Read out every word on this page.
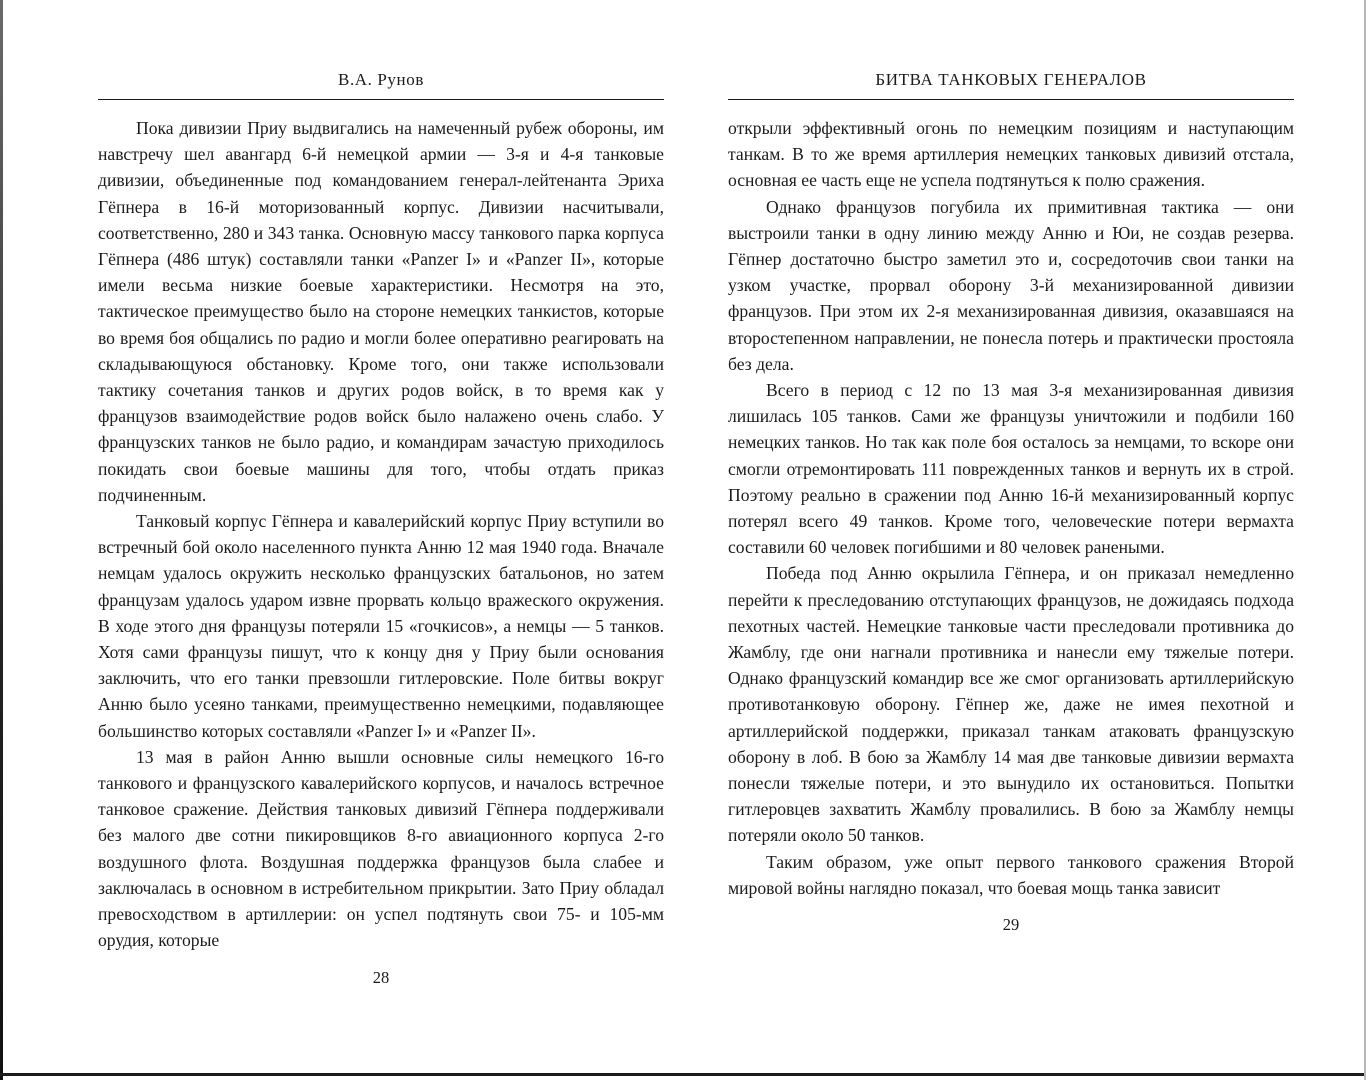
В.А. Рунов

Пока дивизии Приу выдвигались на намеченный рубеж обороны, им навстречу шел авангард 6-й немецкой армии — 3-я и 4-я танковые дивизии, объединенные под командованием генерал-лейтенанта Эриха Гёпнера в 16-й моторизованный корпус. Дивизии насчитывали, соответственно, 280 и 343 танка. Основную массу танкового парка корпуса Гёпнера (486 штук) составляли танки «Panzer I» и «Panzer II», которые имели весьма низкие боевые характеристики. Несмотря на это, тактическое преимущество было на стороне немецких танкистов, которые во время боя общались по радио и могли более оперативно реагировать на складывающуюся обстановку. Кроме того, они также использовали тактику сочетания танков и других родов войск, в то время как у французов взаимодействие родов войск было налажено очень слабо. У французских танков не было радио, и командирам зачастую приходилось покидать свои боевые машины для того, чтобы отдать приказ подчиненным.

Танковый корпус Гёпнера и кавалерийский корпус Приу вступили во встречный бой около населенного пункта Анню 12 мая 1940 года. Вначале немцам удалось окружить несколько французских батальонов, но затем французам удалось ударом извне прорвать кольцо вражеского окружения. В ходе этого дня французы потеряли 15 «гочкисов», а немцы — 5 танков. Хотя сами французы пишут, что к концу дня у Приу были основания заключить, что его танки превзошли гитлеровские. Поле битвы вокруг Анню было усеяно танками, преимущественно немецкими, подавляющее большинство которых составляли «Panzer I» и «Panzer II».

13 мая в район Анню вышли основные силы немецкого 16-го танкового и французского кавалерийского корпусов, и началось встречное танковое сражение. Действия танковых дивизий Гёпнера поддерживали без малого две сотни пикировщиков 8-го авиационного корпуса 2-го воздушного флота. Воздушная поддержка французов была слабее и заключалась в основном в истребительном прикрытии. Зато Приу обладал превосходством в артиллерии: он успел подтянуть свои 75- и 105-мм орудия, которые

28
БИТВА ТАНКОВЫХ ГЕНЕРАЛОВ

открыли эффективный огонь по немецким позициям и наступающим танкам. В то же время артиллерия немецких танковых дивизий отстала, основная ее часть еще не успела подтянуться к полю сражения.

Однако французов погубила их примитивная тактика — они выстроили танки в одну линию между Анню и Юи, не создав резерва. Гёпнер достаточно быстро заметил это и, сосредоточив свои танки на узком участке, прорвал оборону 3-й механизированной дивизии французов. При этом их 2-я механизированная дивизия, оказавшаяся на второстепенном направлении, не понесла потерь и практически простояла без дела.

Всего в период с 12 по 13 мая 3-я механизированная дивизия лишилась 105 танков. Сами же французы уничтожили и подбили 160 немецких танков. Но так как поле боя осталось за немцами, то вскоре они смогли отремонтировать 111 поврежденных танков и вернуть их в строй. Поэтому реально в сражении под Анню 16-й механизированный корпус потерял всего 49 танков. Кроме того, человеческие потери вермахта составили 60 человек погибшими и 80 человек ранеными.

Победа под Анню окрылила Гёпнера, и он приказал немедленно перейти к преследованию отступающих французов, не дожидаясь подхода пехотных частей. Немецкие танковые части преследовали противника до Жамблу, где они нагнали противника и нанесли ему тяжелые потери. Однако французский командир все же смог организовать артиллерийскую противотанковую оборону. Гёпнер же, даже не имея пехотной и артиллерийской поддержки, приказал танкам атаковать французскую оборону в лоб. В бою за Жамблу 14 мая две танковые дивизии вермахта понесли тяжелые потери, и это вынудило их остановиться. Попытки гитлеровцев захватить Жамблу провалились. В бою за Жамблу немцы потеряли около 50 танков.

Таким образом, уже опыт первого танкового сражения Второй мировой войны наглядно показал, что боевая мощь танка зависит

29
